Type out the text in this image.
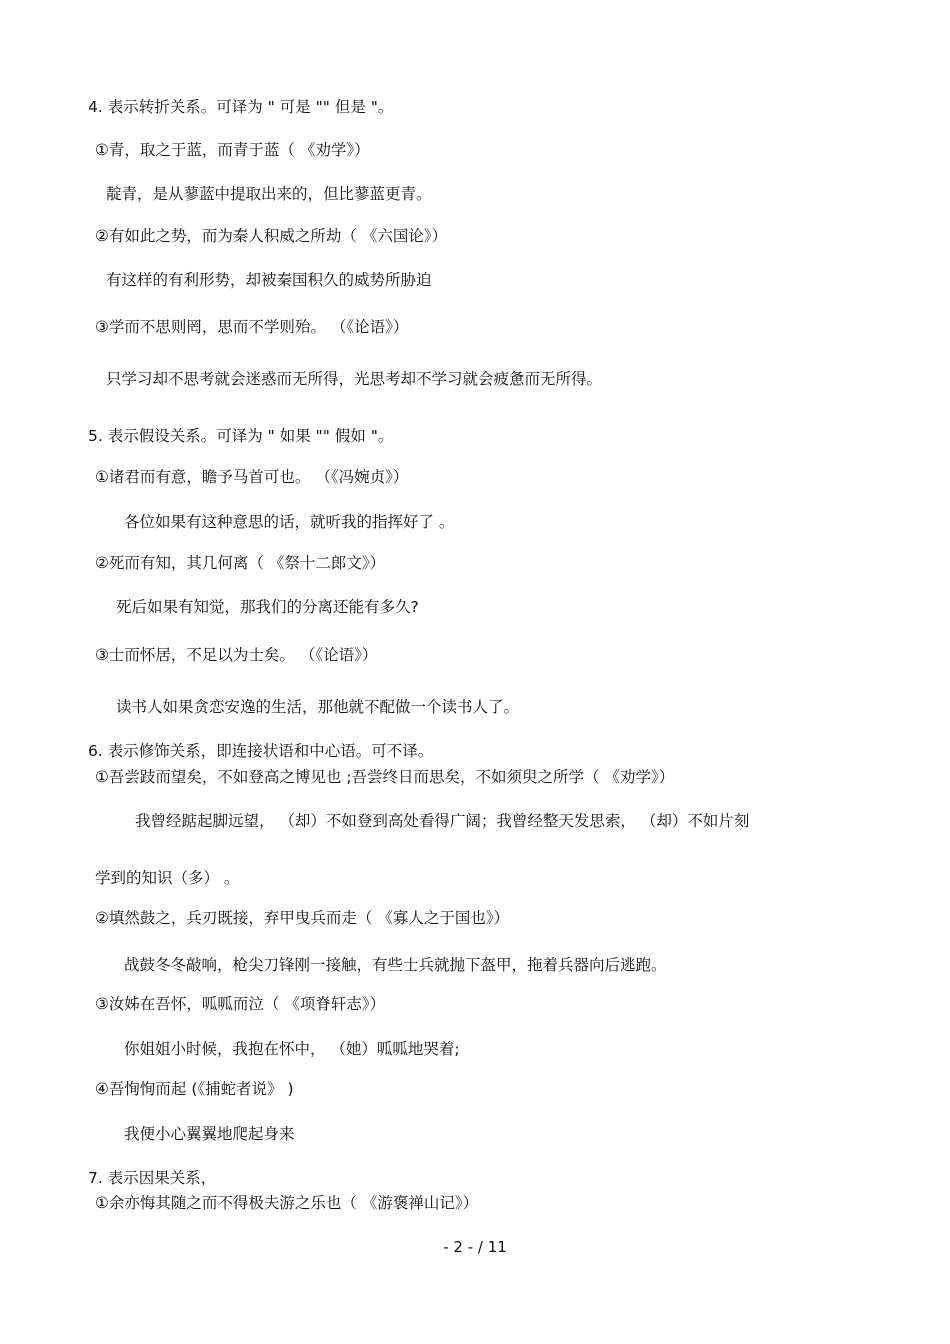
4. 表示转折关系。可译为 " 可是 "" 但是 "。
①青，取之于蓝，而青于蓝（ 《劝学》）
靛青，是从蓼蓝中提取出来的，但比蓼蓝更青。
②有如此之势，而为秦人积威之所劫（ 《六国论》）
有这样的有利形势，却被秦国积久的威势所胁迫
③学而不思则罔，思而不学则殆。 （《论语》）
只学习却不思考就会迷惑而无所得，光思考却不学习就会疲惫而无所得。
5. 表示假设关系。可译为 " 如果 "" 假如 "。
①诸君而有意，瞻予马首可也。 （《冯婉贞》）
各位如果有这种意思的话，就听我的指挥好了 。
②死而有知，其几何离（ 《祭十二郎文》）
死后如果有知觉，那我们的分离还能有多久?
③士而怀居，不足以为士矣。 （《论语》）
读书人如果贪恋安逸的生活，那他就不配做一个读书人了。
6. 表示修饰关系，即连接状语和中心语。可不译。
①吾尝跂而望矣，不如登高之博见也 ;吾尝终日而思矣，不如须臾之所学（ 《劝学》）
我曾经踮起脚远望， （却）不如登到高处看得广阔；我曾经整天发思索， （却）不如片刻
学到的知识（多） 。
②填然鼓之，兵刃既接，弃甲曳兵而走（ 《寡人之于国也》）
战鼓冬冬敲响，枪尖刀锋刚一接触，有些士兵就抛下盔甲，拖着兵器向后逃跑。
③汝姊在吾怀，呱呱而泣（ 《项脊轩志》）
你姐姐小时候，我抱在怀中， （她）呱呱地哭着;
④吾恂恂而起 (《捕蛇者说》 )
我便小心翼翼地爬起身来
7. 表示因果关系，
①余亦悔其随之而不得极夫游之乐也（ 《游褒禅山记》）
- 2 - / 11
